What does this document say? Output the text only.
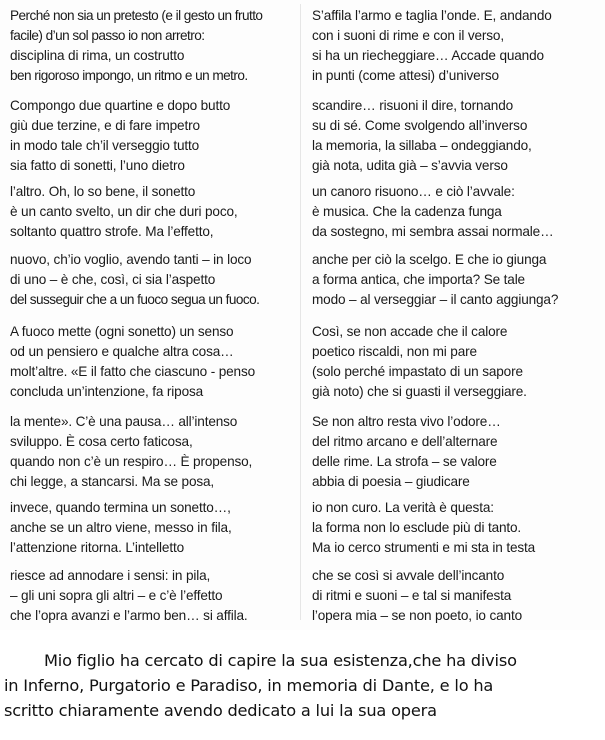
Perché non sia un pretesto (e il gesto un frutto
facile) d’un sol passo io non arretro:
disciplina di rima, un costrutto
ben rigoroso impongo, un ritmo e un metro.
Compongo due quartine e dopo butto
giù due terzine, e di fare impetro
in modo tale ch’il verseggio tutto
sia fatto di sonetti, l’uno dietro
l’altro. Oh, lo so bene, il sonetto
è un canto svelto, un dir che duri poco,
soltanto quattro strofe. Ma l’effetto,
nuovo, ch’io voglio, avendo tanti – in loco
di uno – è che, così, ci sia l’aspetto
del susseguir che a un fuoco segua un fuoco.
A fuoco mette (ogni sonetto) un senso
od un pensiero e qualche altra cosa…
molt’altre. «E il fatto che ciascuno - penso
concluda un’intenzione, fa riposa
la mente». C’è una pausa… all’intenso
sviluppo. È cosa certo faticosa,
quando non c’è un respiro… È propenso,
chi legge, a stancarsi. Ma se posa,
invece, quando termina un sonetto…,
anche se un altro viene, messo in fila,
l’attenzione ritorna. L’intelletto
riesce ad annodare i sensi: in pila,
– gli uni sopra gli altri – e c’è l’effetto
che l’opra avanzi e l’armo ben… si affila.
S’affila l’armo e taglia l’onde. E, andando
con i suoni di rime e con il verso,
si ha un riecheggiare… Accade quando
in punti (come attesi) d’universo
scandire… risuoni il dire, tornando
su di sé. Come svolgendo all’inverso
la memoria, la sillaba – ondeggiando,
già nota, udita già – s’avvia verso
un canoro risuono… e ciò l’avvale:
è musica. Che la cadenza funga
da sostegno, mi sembra assai normale…
anche per ciò la scelgo. E che io giunga
a forma antica, che importa? Se tale
modo – al verseggiar – il canto aggiunga?
Così, se non accade che il calore
poetico riscaldi, non mi pare
(solo perché impastato di un sapore
già noto) che si guasti il verseggiare.
Se non altro resta vivo l’odore…
del ritmo arcano e dell’alternare
delle rime. La strofa – se valore
abbia di poesia – giudicare
io non curo. La verità è questa:
la forma non lo esclude più di tanto.
Ma io cerco strumenti e mi sta in testa
che se così si avvale dell’incanto
di ritmi e suoni – e tal si manifesta
l’opera mia – se non poeto, io canto
Mio figlio ha cercato di capire la sua esistenza,che ha diviso
in Inferno, Purgatorio e Paradiso, in memoria di Dante, e lo ha
scritto chiaramente avendo dedicato a lui la sua opera
